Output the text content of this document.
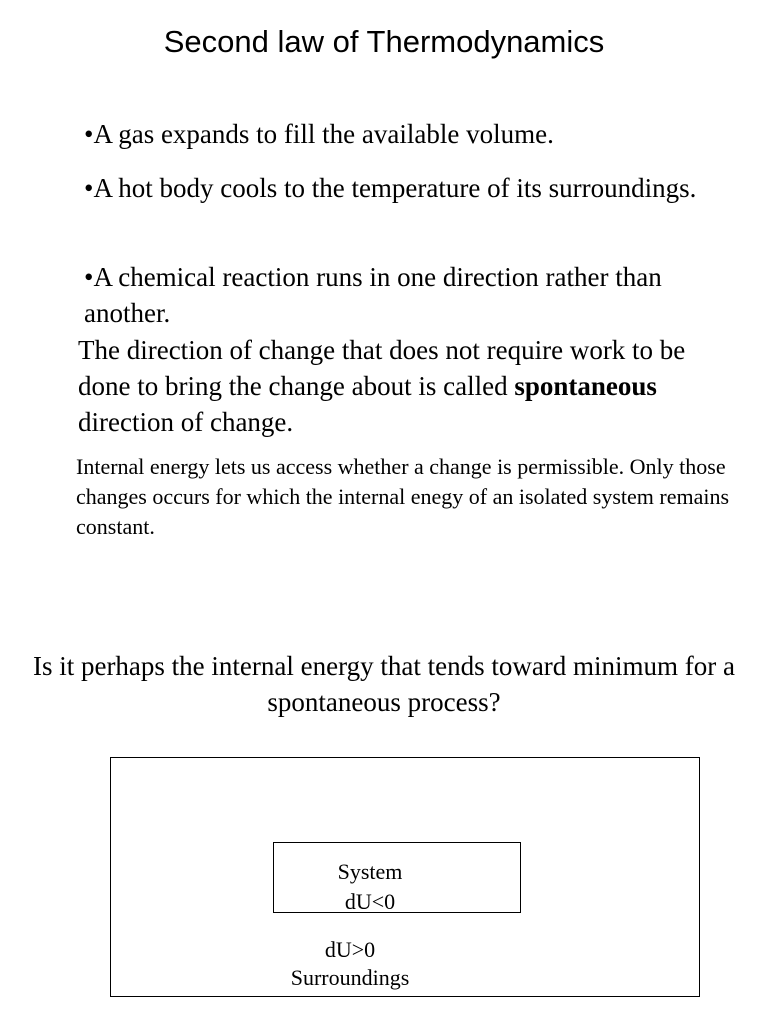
Second law of Thermodynamics
•A gas expands to fill the available volume.
•A hot body cools to the temperature of its surroundings.
•A chemical reaction runs in one direction rather than another.
The direction of change that does not require work to be done to bring the change about is called spontaneous direction of change.
Internal energy lets us access whether a change is permissible. Only those changes occurs for which the internal enegy of an isolated system remains constant.
Is it perhaps the internal energy that tends toward minimum for a spontaneous process?
System
dU<0
dU>0
Surroundings
